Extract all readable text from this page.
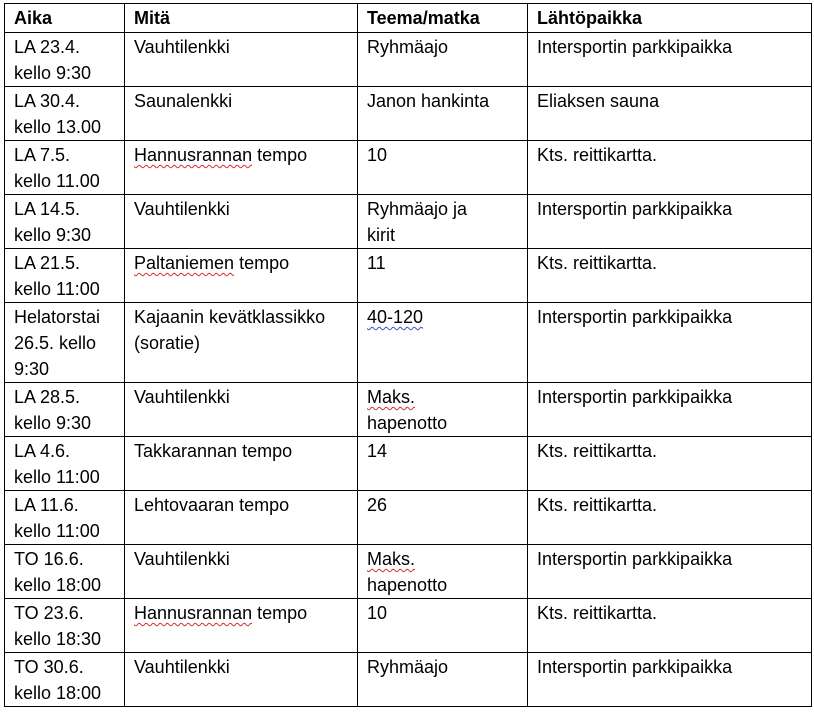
Aika	Mitä	Teema/matka	Lähtöpaikka

LA 23.4.
kello 9:30	Vauhtilenkki	Ryhmäajo	Intersportin parkkipaikka

LA 30.4.
kello 13.00	Saunalenkki	Janon hankinta	Eliaksen sauna

LA 7.5.
kello 11.00	Hannusrannan tempo	10	Kts. reittikartta.

LA 14.5.
kello 9:30	Vauhtilenkki	Ryhmäajo ja
kirit	Intersportin parkkipaikka

LA 21.5.
kello 11:00	Paltaniemen tempo	11	Kts. reittikartta.

Helatorstai
26.5. kello
9:30	Kajaanin kevätklassikko
(soratie)	40-120	Intersportin parkkipaikka

LA 28.5.
kello 9:30	Vauhtilenkki	Maks.
hapenotto	Intersportin parkkipaikka

LA 4.6.
kello 11:00	Takkarannan tempo	14	Kts. reittikartta.

LA 11.6.
kello 11:00	Lehtovaaran tempo	26	Kts. reittikartta.

TO 16.6.
kello 18:00	Vauhtilenkki	Maks.
hapenotto	Intersportin parkkipaikka

TO 23.6.
kello 18:30	Hannusrannan tempo	10	Kts. reittikartta.

TO 30.6.
kello 18:00	Vauhtilenkki	Ryhmäajo	Intersportin parkkipaikka
